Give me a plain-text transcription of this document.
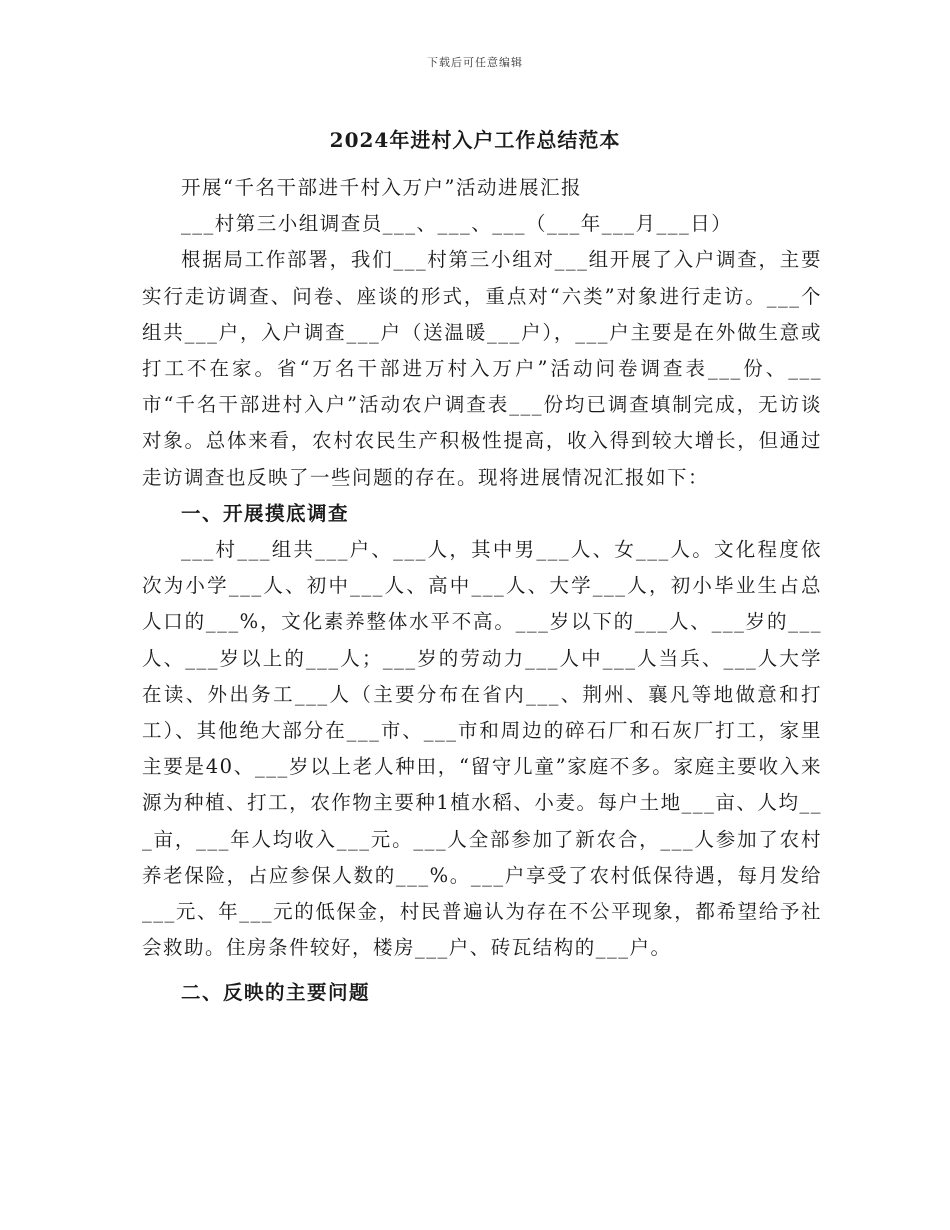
下载后可任意编辑
2024年进村入户工作总结范本

开展“千名干部进千村入万户”活动进展汇报

___村第三小组调查员___、___、___（___年___月___日）

根据局工作部署，我们___村第三小组对___组开展了入户调查，主要实行走访调查、问卷、座谈的形式，重点对“六类”对象进行走访。___个组共___户，入户调查___户（送温暖___户），___户主要是在外做生意或打工不在家。省“万名干部进万村入万户”活动问卷调查表___份、___市“千名干部进村入户”活动农户调查表___份均已调查填制完成，无访谈对象。总体来看，农村农民生产积极性提高，收入得到较大增长，但通过走访调查也反映了一些问题的存在。现将进展情况汇报如下：

一、开展摸底调查

___村___组共___户、___人，其中男___人、女___人。文化程度依次为小学___人、初中___人、高中___人、大学___人，初小毕业生占总人口的___%，文化素养整体水平不高。___岁以下的___人、___岁的___人、___岁以上的___人；___岁的劳动力___人中___人当兵、___人大学在读、外出务工___人（主要分布在省内___、荆州、襄凡等地做意和打工）、其他绝大部分在___市、___市和周边的碎石厂和石灰厂打工，家里主要是40、___岁以上老人种田，“留守儿童”家庭不多。家庭主要收入来源为种植、打工，农作物主要种1植水稻、小麦。每户土地___亩、人均___亩，___年人均收入___元。___人全部参加了新农合，___人参加了农村养老保险，占应参保人数的___%。___户享受了农村低保待遇，每月发给___元、年___元的低保金，村民普遍认为存在不公平现象，都希望给予社会救助。住房条件较好，楼房___户、砖瓦结构的___户。

二、反映的主要问题
